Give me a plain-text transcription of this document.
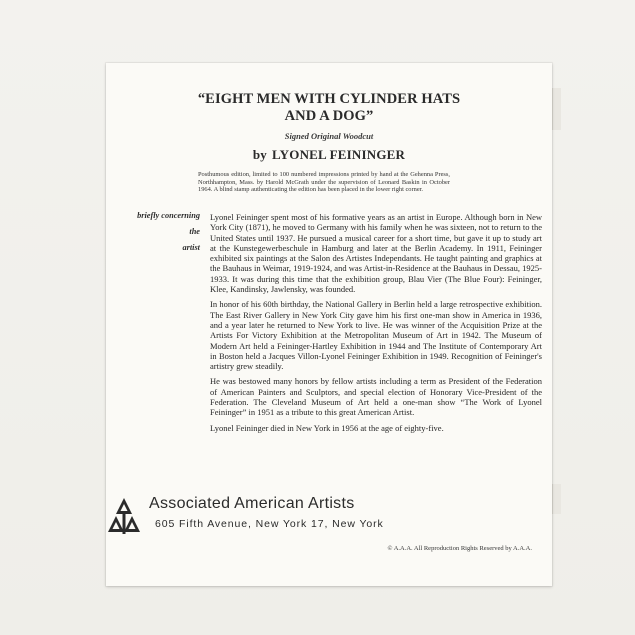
“EIGHT MEN WITH CYLINDER HATS
AND A DOG”
Signed Original Woodcut
by LYONEL FEININGER
Posthumous edition, limited to 100 numbered impressions printed by hand at the Gehenna Press, Northhampton, Mass. by Harold McGrath under the supervision of Leonard Baskin in October 1964. A blind stamp authenticating the edition has been placed in the lower right corner.
briefly concerning
the
artist

Lyonel Feininger spent most of his formative years as an artist in Europe. Although born in New York City (1871), he moved to Germany with his family when he was sixteen, not to return to the United States until 1937. He pursued a musical career for a short time, but gave it up to study art at the Kunstegewerbeschule in Hamburg and later at the Berlin Academy. In 1911, Feininger exhibited six paintings at the Salon des Artistes Independants. He taught painting and graphics at the Bauhaus in Weimar, 1919-1924, and was Artist-in-Residence at the Bauhaus in Dessau, 1925-1933. It was during this time that the exhibition group, Blau Vier (The Blue Four): Feininger, Klee, Kandinsky, Jawlensky, was founded.

In honor of his 60th birthday, the National Gallery in Berlin held a large retrospective exhibition. The East River Gallery in New York City gave him his first one-man show in America in 1936, and a year later he returned to New York to live. He was winner of the Acquisition Prize at the Artists For Victory Exhibition at the Metropolitan Museum of Art in 1942. The Museum of Modern Art held a Feininger-Hartley Exhibition in 1944 and The Institute of Contemporary Art in Boston held a Jacques Villon-Lyonel Feininger Exhibition in 1949. Recognition of Feininger's artistry grew steadily.

He was bestowed many honors by fellow artists including a term as President of the Federation of American Painters and Sculptors, and special election of Honorary Vice-President of the Federation. The Cleveland Museum of Art held a one-man show “The Work of Lyonel Feininger” in 1951 as a tribute to this great American Artist.

Lyonel Feininger died in New York in 1956 at the age of eighty-five.

Associated American Artists
605 Fifth Avenue, New York 17, New York
© A.A.A. All Reproduction Rights Reserved by A.A.A.
